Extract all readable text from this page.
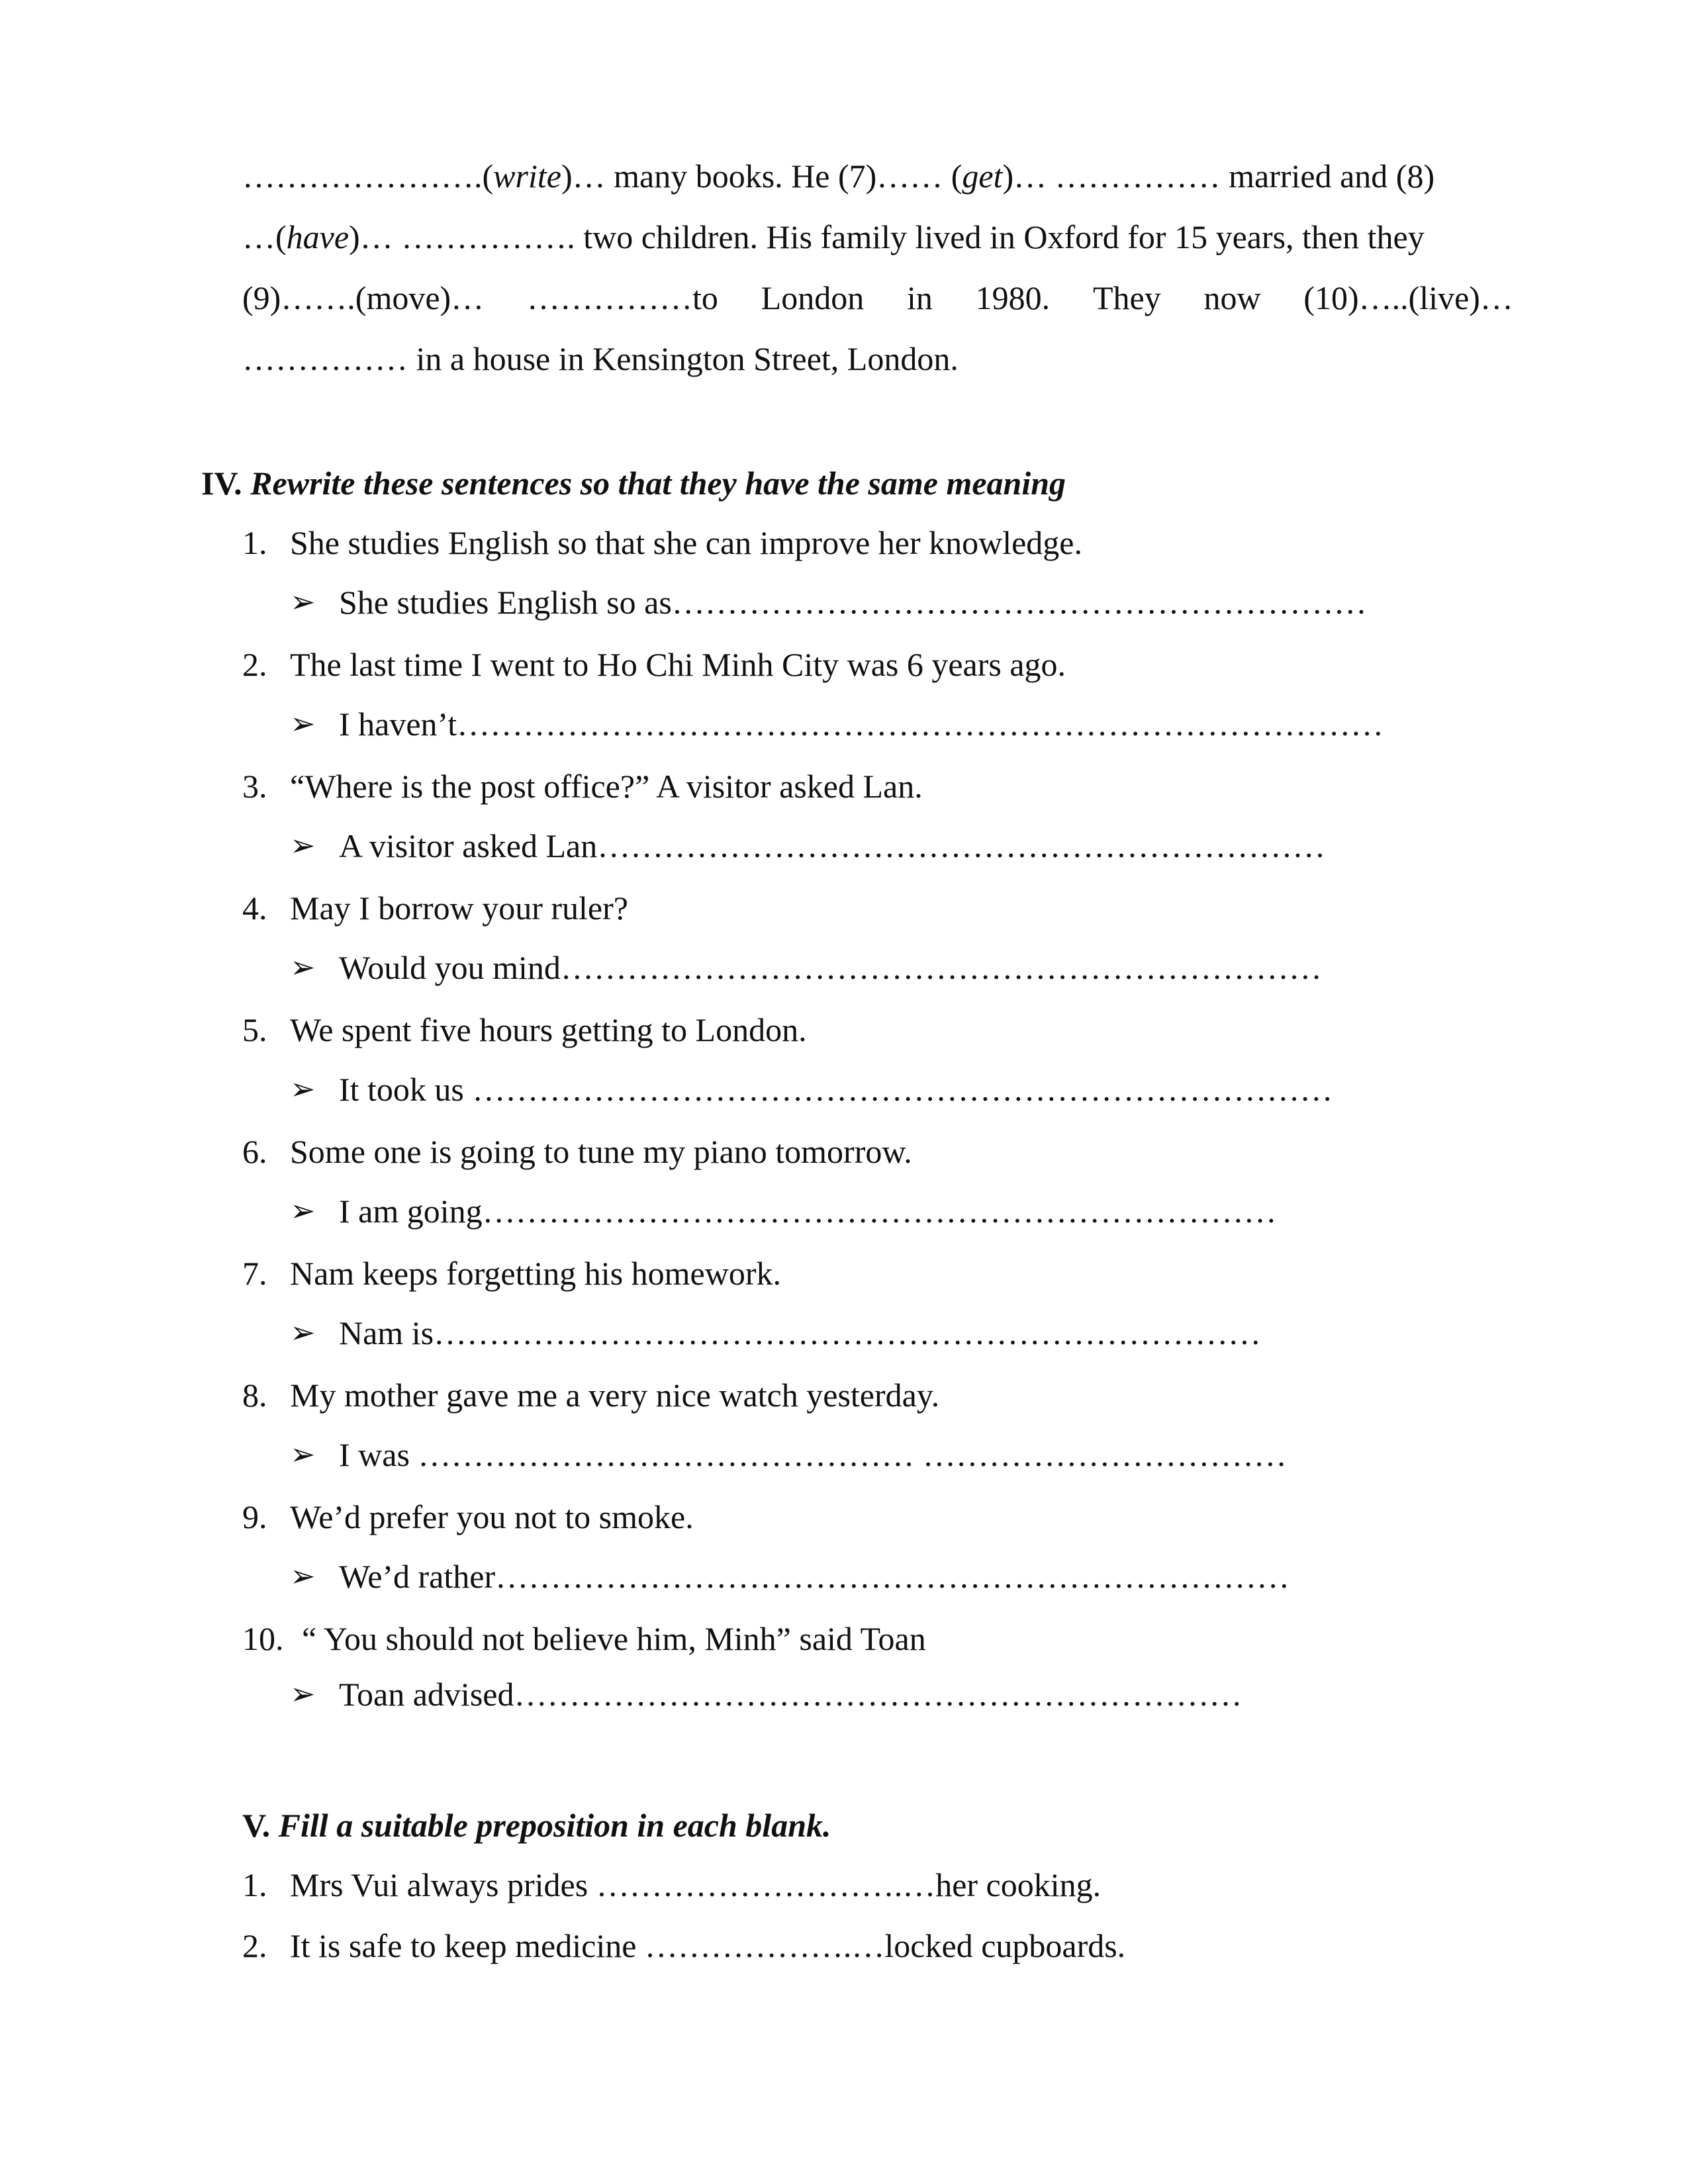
………………….(write)… many books. He (7)…… (get)… …………… married and (8)
…(have)… ……………. two children. His family lived in Oxford for 15 years, then they
(9)…….(move)… ……………to London in 1980. They now (10)…..(live)…
…………… in a house in Kensington Street, London.
IV. Rewrite these sentences so that they have the same meaning
1. She studies English so that she can improve her knowledge.
➢ She studies English so as………………………………………………………
2. The last time I went to Ho Chi Minh City was 6 years ago.
➢ I haven’t…………………………………………………………………………
3. “Where is the post office?” A visitor asked Lan.
➢ A visitor asked Lan…………………………………………………………
4. May I borrow your ruler?
➢ Would you mind……………………………………………………………
5. We spent five hours getting to London.
➢ It took us ……………………………………………………………………
6. Some one is going to tune my piano tomorrow.
➢ I am going………………………………………………………………
7. Nam keeps forgetting his homework.
➢ Nam is…………………………………………………………………
8. My mother gave me a very nice watch yesterday.
➢ I was ……………………………………… ……………………………
9. We’d prefer you not to smoke.
➢ We’d rather………………………………………………………………
10. “ You should not believe him, Minh” said Toan
➢ Toan advised…………………………………………………………
V. Fill a suitable preposition in each blank.
1. Mrs Vui always prides ……………………….…her cooking.
2. It is safe to keep medicine ……………….…locked cupboards.
